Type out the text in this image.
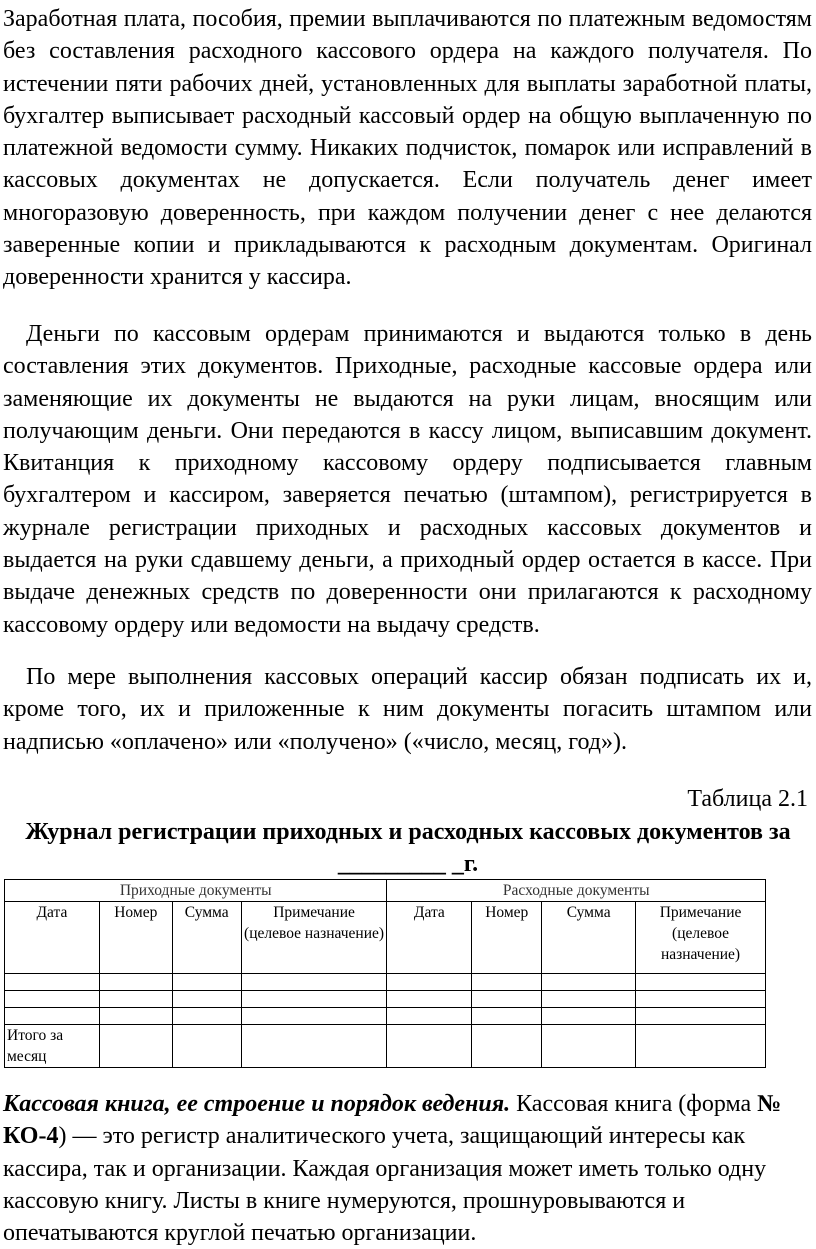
Заработная плата, пособия, премии выплачиваются по платежным ведомостям без составления расходного кассового ордера на каждого получателя. По истечении пяти рабочих дней, установленных для выплаты заработной платы, бухгалтер выписывает расходный кассовый ордер на общую выплаченную по платежной ведомости сумму. Никаких подчисток, помарок или исправлений в кассовых документах не допускается. Если получатель денег имеет многоразовую доверенность, при каждом получении денег с нее делаются заверенные копии и прикладываются к расходным документам. Оригинал доверенности хранится у кассира.

Деньги по кассовым ордерам принимаются и выдаются только в день составления этих документов. Приходные, расходные кассовые ордера или заменяющие их документы не выдаются на руки лицам, вносящим или получающим деньги. Они передаются в кассу лицом, выписавшим документ. Квитанция к приходному кассовому ордеру подписывается главным бухгалтером и кассиром, заверяется печатью (штампом), регистрируется в журнале регистрации приходных и расходных кассовых документов и выдается на руки сдавшему деньги, а приходный ордер остается в кассе. При выдаче денежных средств по доверенности они прилагаются к расходному кассовому ордеру или ведомости на выдачу средств.

По мере выполнения кассовых операций кассир обязан подписать их и, кроме того, их и приложенные к ним документы погасить штампом или надписью «оплачено» или «получено» («число, месяц, год»).

Таблица 2.1
Журнал регистрации приходных и расходных кассовых документов за _________ _г.
Приходные документы				Расходные документы			

Дата	Номер	Сумма	Примечание (целевое назначение)	Дата	Номер	Сумма	Примечание (целевое назначение)

Итого за месяц							

Кассовая книга, ее строение и порядок ведения. Кассовая книга (форма № КО-4) — это регистр аналитического учета, защищающий интересы как кассира, так и организации. Каждая организация может иметь только одну кассовую книгу. Листы в книге нумеруются, прошнуровываются и опечатываются круглой печатью организации.
